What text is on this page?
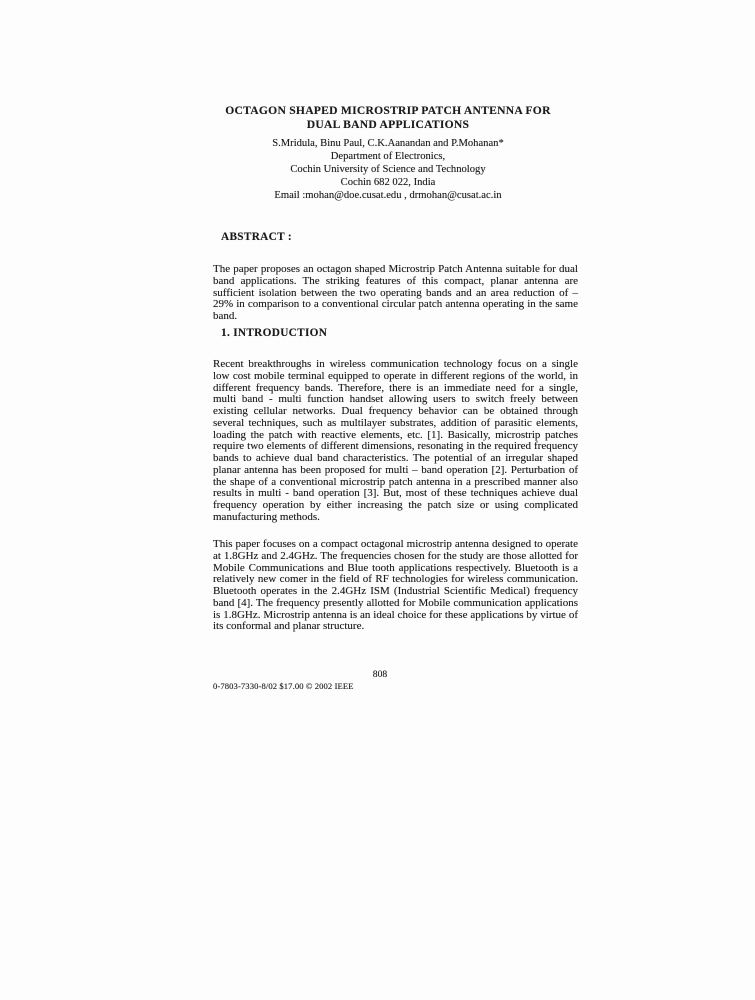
OCTAGON SHAPED MICROSTRIP PATCH ANTENNA FOR DUAL BAND APPLICATIONS
S.Mridula, Binu Paul, C.K.Aanandan and P.Mohanan*
Department of Electronics,
Cochin University of Science and Technology
Cochin 682 022, India
Email :mohan@doe.cusat.edu , drmohan@cusat.ac.in
ABSTRACT :

The paper proposes an octagon shaped Microstrip Patch Antenna suitable for dual band applications. The striking features of this compact, planar antenna are sufficient isolation between the two operating bands and an area reduction of – 29% in comparison to a conventional circular patch antenna operating in the same band.

1. INTRODUCTION

Recent breakthroughs in wireless communication technology focus on a single low cost mobile terminal equipped to operate in different regions of the world, in different frequency bands. Therefore, there is an immediate need for a single, multi band - multi function handset allowing users to switch freely between existing cellular networks. Dual frequency behavior can be obtained through several techniques, such as multilayer substrates, addition of parasitic elements, loading the patch with reactive elements, etc. [1]. Basically, microstrip patches require two elements of different dimensions, resonating in the required frequency bands to achieve dual band characteristics. The potential of an irregular shaped planar antenna has been proposed for multi – band operation [2]. Perturbation of the shape of a conventional microstrip patch antenna in a prescribed manner also results in multi - band operation [3]. But, most of these techniques achieve dual frequency operation by either increasing the patch size or using complicated manufacturing methods.

This paper focuses on a compact octagonal microstrip antenna designed to operate at 1.8GHz and 2.4GHz. The frequencies chosen for the study are those allotted for Mobile Communications and Blue tooth applications respectively. Bluetooth is a relatively new comer in the field of RF technologies for wireless communication. Bluetooth operates in the 2.4GHz ISM (Industrial Scientific Medical) frequency band [4]. The frequency presently allotted for Mobile communication applications is 1.8GHz. Microstrip antenna is an ideal choice for these applications by virtue of its conformal and planar structure.

0-7803-7330-8/02 $17.00 © 2002 IEEE
808
